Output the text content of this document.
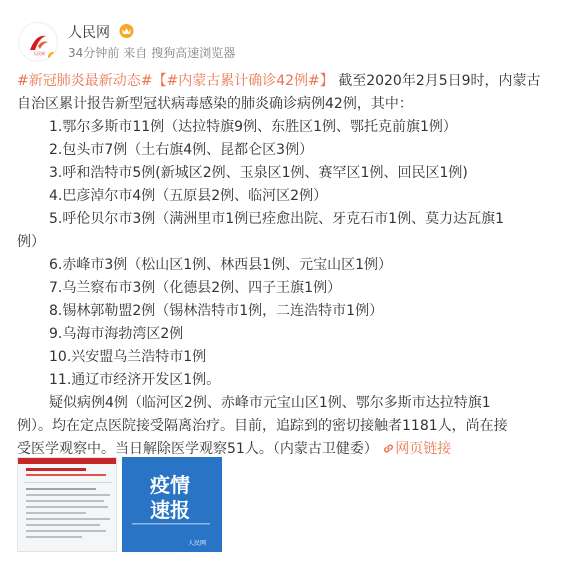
人民网 v
人民网
34分钟前 来自 搜狗高速浏览器

#新冠肺炎最新动态#【#内蒙古累计确诊42例#】 截至2020年2月5日9时，内蒙古

自治区累计报告新型冠状病毒感染的肺炎确诊病例42例，其中：

1.鄂尔多斯市11例（达拉特旗9例、东胜区1例、鄂托克前旗1例）

2.包头市7例（土右旗4例、昆都仑区3例）

3.呼和浩特市5例(新城区2例、玉泉区1例、赛罕区1例、回民区1例)

4.巴彦淖尔市4例（五原县2例、临河区2例）

5.呼伦贝尔市3例（满洲里市1例已痊愈出院、牙克石市1例、莫力达瓦旗1

例）

6.赤峰市3例（松山区1例、林西县1例、元宝山区1例）

7.乌兰察布市3例（化德县2例、四子王旗1例）

8.锡林郭勒盟2例（锡林浩特市1例，二连浩特市1例）

9.乌海市海勃湾区2例

10.兴安盟乌兰浩特市1例

11.通辽市经济开发区1例。

疑似病例4例（临河区2例、赤峰市元宝山区1例、鄂尔多斯市达拉特旗1

例）。均在定点医院接受隔离治疗。目前，追踪到的密切接触者1181人，尚在接

受医学观察中。当日解除医学观察51人。（内蒙古卫健委） 网页链接

疫情
速报
人民网
